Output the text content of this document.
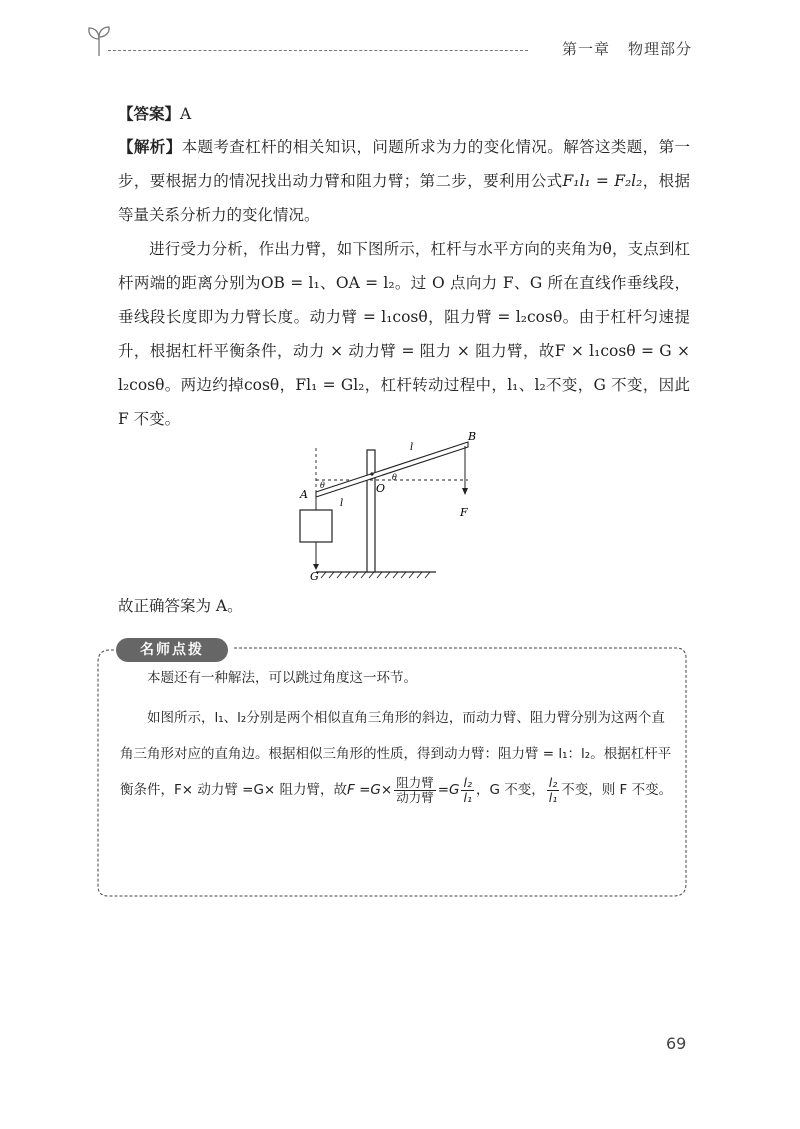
第一章 物理部分
【答案】A
【解析】本题考查杠杆的相关知识，问题所求为力的变化情况。解答这类题，第一步，要根据力的情况找出动力臂和阻力臂；第二步，要利用公式F₁l₁ = F₂l₂，根据等量关系分析力的变化情况。
进行受力分析，作出力臂，如下图所示，杠杆与水平方向的夹角为θ，支点到杠杆两端的距离分别为OB = l₁、OA = l₂。过 O 点向力 F、G 所在直线作垂线段，垂线段长度即为力臂长度。动力臂 = l₁cosθ，阻力臂 = l₂cosθ。由于杠杆匀速提升，根据杠杆平衡条件，动力 × 动力臂 = 阻力 × 阻力臂，故F × l₁cosθ = G × l₂cosθ。两边约掉cosθ，Fl₁ = Gl₂，杠杆转动过程中，l₁、l₂不变，G 不变，因此 F 不变。
B
A	O
F
G
l
l
θ
θ
故正确答案为 A。
名师点拨
本题还有一种解法，可以跳过角度这一环节。
如图所示，l₁、l₂分别是两个相似直角三角形的斜边，而动力臂、阻力臂分别为这两个直角三角形对应的直角边。根据相似三角形的性质，得到动力臂：阻力臂 = l₁：l₂。根据杠杆平衡条件，F× 动力臂 =G× 阻力臂，故$F =G\times \frac{\text{阻力臂}}{\text{动力臂}} =G \frac{\text{l₂}}{\text{l₁}}$ ，G 不变， $\frac{\text{l₂}}{\text{l₁}}$ 不变，则 F 不变。
69
